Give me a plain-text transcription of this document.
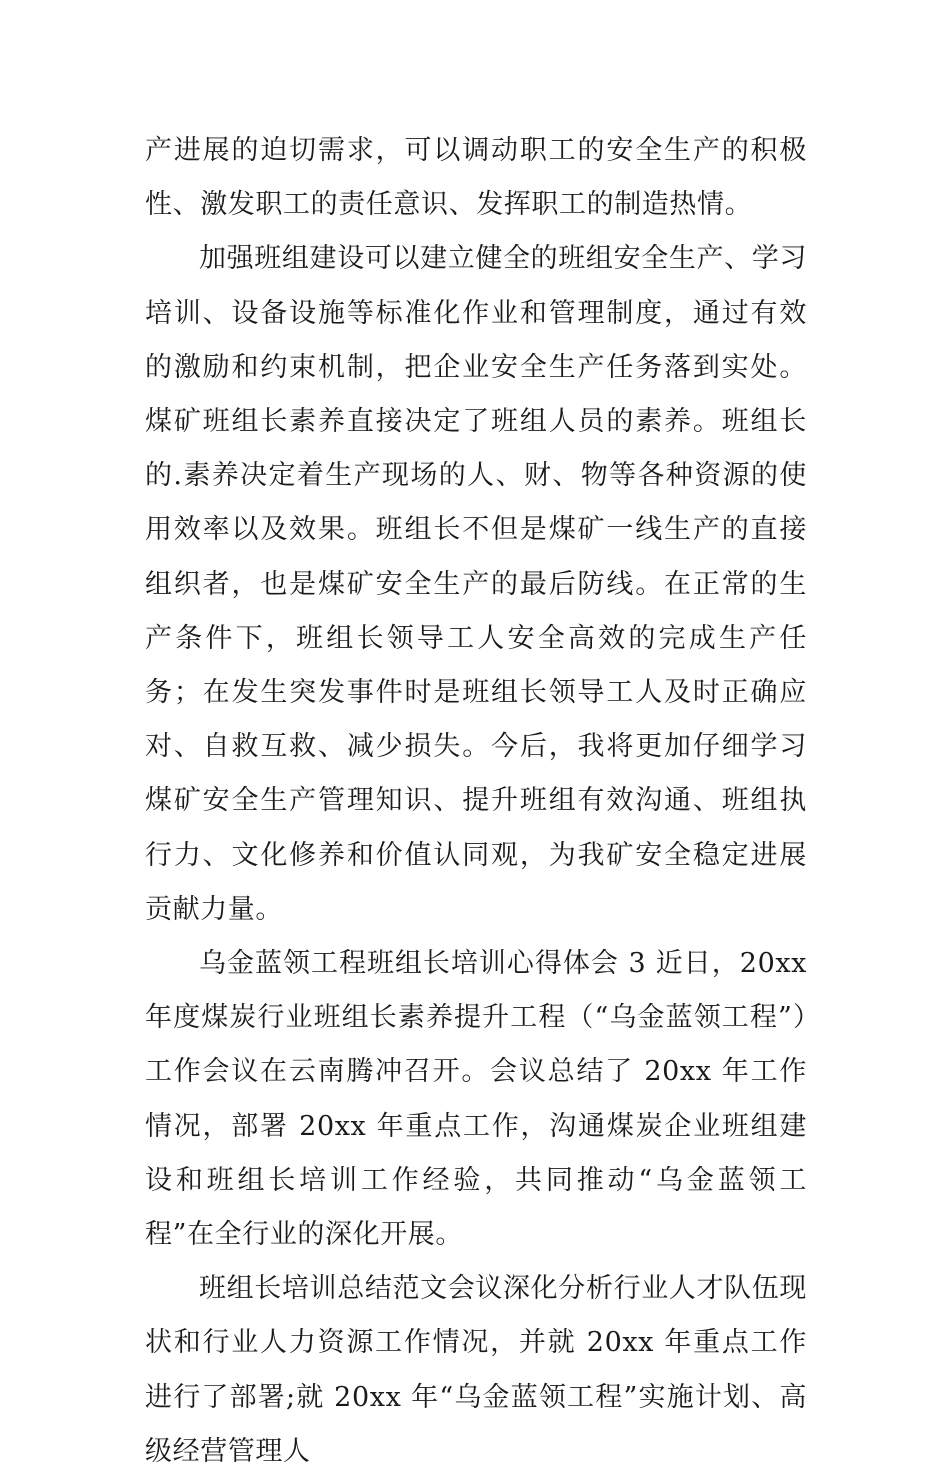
产进展的迫切需求，可以调动职工的安全生产的积极性、激发职工的责任意识、发挥职工的制造热情。

加强班组建设可以建立健全的班组安全生产、学习培训、设备设施等标准化作业和管理制度，通过有效的激励和约束机制，把企业安全生产任务落到实处。煤矿班组长素养直接决定了班组人员的素养。班组长的.素养决定着生产现场的人、财、物等各种资源的使用效率以及效果。班组长不但是煤矿一线生产的直接组织者，也是煤矿安全生产的最后防线。在正常的生产条件下，班组长领导工人安全高效的完成生产任务；在发生突发事件时是班组长领导工人及时正确应对、自救互救、减少损失。今后，我将更加仔细学习煤矿安全生产管理知识、提升班组有效沟通、班组执行力、文化修养和价值认同观，为我矿安全稳定进展贡献力量。

乌金蓝领工程班组长培训心得体会 3 近日，20xx 年度煤炭行业班组长素养提升工程（“乌金蓝领工程”）工作会议在云南腾冲召开。会议总结了 20xx 年工作情况，部署 20xx 年重点工作，沟通煤炭企业班组建设和班组长培训工作经验，共同推动“乌金蓝领工程”在全行业的深化开展。

班组长培训总结范文会议深化分析行业人才队伍现状和行业人力资源工作情况，并就 20xx 年重点工作进行了部署;就 20xx 年“乌金蓝领工程”实施计划、高级经营管理人
